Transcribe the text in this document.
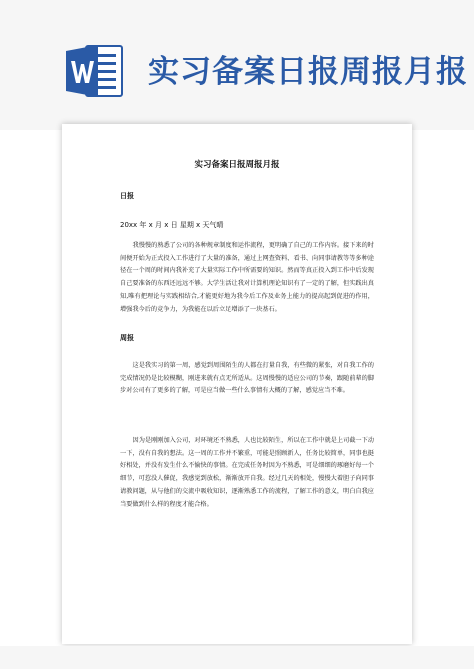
实习备案日报周报月报
实习备案日报周报月报
日报
20xx 年 x 月 x 日 星期 x 天气晴
我慢慢的熟悉了公司的各种规章制度和运作流程，更明确了自己的工作内容。接下来的时间便开始为正式投入工作进行了大量的准备，通过上网查资料、看书、向同事请教等等多种途径在一个周的时间内我补充了大量实际工作中所需要的知识。然而等真正投入到工作中后发现自己要准备的东西还远远不够。大学生活让我对计算机理论知识有了一定的了解，但实践出真知,唯有把理论与实践相结合,才能更好地为我今后工作及业务上能力的提高起到促进的作用，增强我今后的竞争力，为我能在以后立足增添了一块基石。
周报
这是我实习的第一周，感觉到周围陌生的人都在打量自我，有些微的紧张，对自我工作的完成情况仍是比较模糊，刚进来就有点无所适从。这周慢慢的适应公司的节奏，跟随前辈的脚步对公司有了更多的了解，可是应当做一些什么事情有大概的了解，感觉应当不难。
因为是刚刚加入公司，对环境还不熟悉，人也比较陌生，所以在工作中就是上司截一下动一下，没有自我的想法。这一周的工作并不繁重，可能是照顾新人，任务比较简单，同事也挺好相处，并没有发生什么不愉快的事情。在完成任务时因为不熟悉，可是细细的琢磨好每一个细节，可惹没人催促，我感觉到放松，渐渐放开自我。经过几天的相处，慢慢大着胆子向同事请教问题，从与他们的交流中吸收知识，逐渐熟悉工作的流程，了解工作的意义，明白自我应当要做到什么样的程度才能合格。
